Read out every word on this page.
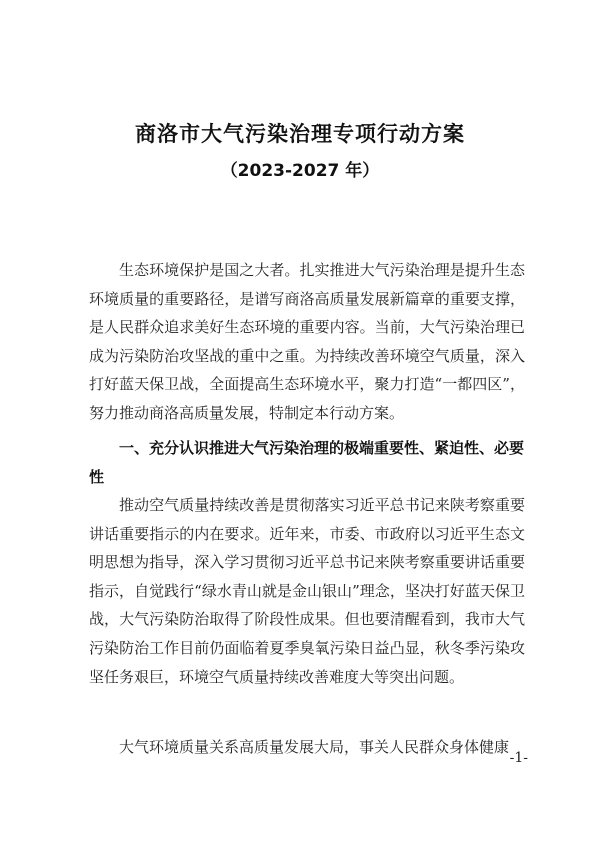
商洛市大气污染治理专项行动方案
（2023-2027 年）

生态环境保护是国之大者。扎实推进大气污染治理是提升生态环境质量的重要路径，是谱写商洛高质量发展新篇章的重要支撑，是人民群众追求美好生态环境的重要内容。当前，大气污染治理已成为污染防治攻坚战的重中之重。为持续改善环境空气质量，深入打好蓝天保卫战，全面提高生态环境水平，聚力打造“一都四区”，努力推动商洛高质量发展，特制定本行动方案。

一、充分认识推进大气污染治理的极端重要性、紧迫性、必要性

推动空气质量持续改善是贯彻落实习近平总书记来陕考察重要讲话重要指示的内在要求。近年来，市委、市政府以习近平生态文明思想为指导，深入学习贯彻习近平总书记来陕考察重要讲话重要指示，自觉践行“绿水青山就是金山银山”理念，坚决打好蓝天保卫战，大气污染防治取得了阶段性成果。但也要清醒看到，我市大气污染防治工作目前仍面临着夏季臭氧污染日益凸显，秋冬季污染攻坚任务艰巨，环境空气质量持续改善难度大等突出问题。

大气环境质量关系高质量发展大局，事关人民群众身体健康

-1-
